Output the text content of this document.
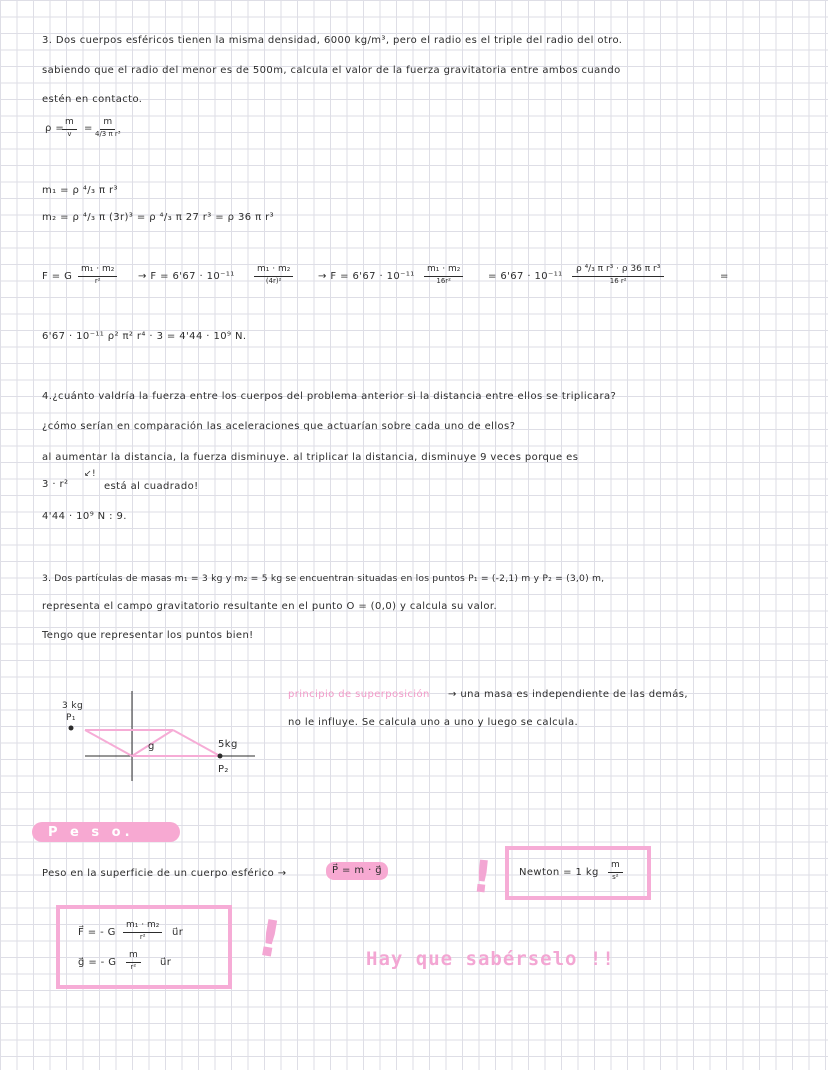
3. Dos cuerpos esféricos tienen la misma densidad, 6000 kg/m³, pero el radio es el triple del radio del otro.
sabiendo que el radio del menor es de 500m, calcula el valor de la fuerza gravitatoria entre ambos cuando
estén en contacto.
ρ =
m
v =
m
4/3 π r³
m₁ = ρ ⁴/₃ π r³
m₂ = ρ ⁴/₃ π (3r)³ = ρ ⁴/₃ π 27 r³ = ρ 36 π r³
F = G
m₁ · m₂
r²	→ F = 6'67 · 10⁻¹¹
m₁ · m₂
(4r)²	→ F = 6'67 · 10⁻¹¹
m₁ · m₂
16r²	= 6'67 · 10⁻¹¹
ρ ⁴/₃ π r³ · ρ 36 π r³
16 r²	=
6'67 · 10⁻¹¹ ρ² π² r⁴ · 3 = 4'44 · 10⁹ N.
4.¿cuánto valdría la fuerza entre los cuerpos del problema anterior si la distancia entre ellos se triplicara?
¿cómo serían en comparación las aceleraciones que actuarían sobre cada uno de ellos?
al aumentar la distancia, la fuerza disminuye. al triplicar la distancia, disminuye 9 veces porque es
3 · r²
↙!
está al cuadrado!
4'44 · 10⁹ N : 9.
3. Dos partículas de masas m₁ = 3 kg y m₂ = 5 kg se encuentran situadas en los puntos P₁ = (-2,1) m y P₂ = (3,0) m,
representa el campo gravitatorio resultante en el punto O = (0,0) y calcula su valor.
Tengo que representar los puntos bien!
3 kg
P₁
5kg
P₂
g
principio de superposición → una masa es independiente de las demás,
no le influye. Se calcula uno a uno y luego se calcula.
P e s o.
Peso en la superficie de un cuerpo esférico →	P⃗ = m · g⃗	Newton = 1 kg
m
s²
!
F⃗ = - G
m₁ · m₂
r²	u⃗r
g⃗ = - G
m
r² u⃗r !	Hay que sabérselo !!
